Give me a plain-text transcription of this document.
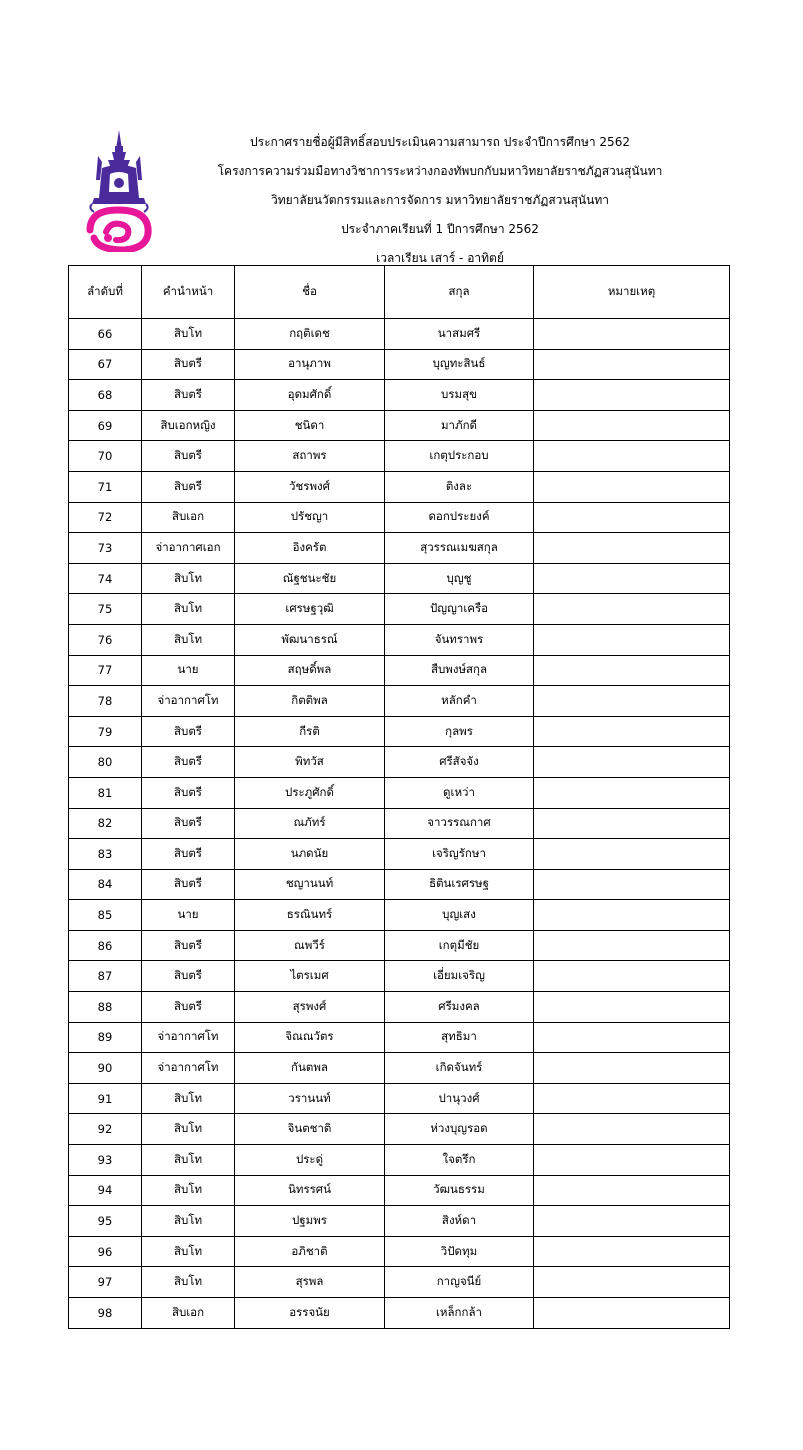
ประกาศรายชื่อผู้มีสิทธิ์สอบประเมินความสามารถ ประจำปีการศึกษา 2562
โครงการความร่วมมือทางวิชาการระหว่างกองทัพบกกับมหาวิทยาลัยราชภัฏสวนสุนันทา
วิทยาลัยนวัตกรรมและการจัดการ มหาวิทยาลัยราชภัฏสวนสุนันทา
ประจำภาคเรียนที่ 1 ปีการศึกษา 2562
เวลาเรียน เสาร์ - อาทิตย์
ลำดับที่	คำนำหน้า	ชื่อ	สกุล	หมายเหตุ
66	สิบโท	กฤติเดช	นาสมศรี	
67	สิบตรี	อานุภาพ	บุญทะสินธ์	
68	สิบตรี	อุดมศักดิ์	บรมสุข	
69	สิบเอกหญิง	ชนิดา	มาภักดี	
70	สิบตรี	สถาพร	เกตุประกอบ	
71	สิบตรี	วัชรพงศ์	ติงละ	
72	สิบเอก	ปรัชญา	ดอกประยงค์	
73	จ่าอากาศเอก	อิงครัต	สุวรรณเมฆสกุล	
74	สิบโท	ณัฐชนะชัย	บุญชู	
75	สิบโท	เศรษฐวุฒิ	ปัญญาเครือ	
76	สิบโท	พัฒนาธรณ์	จันทราพร	
77	นาย	สฤษดิ์พล	สืบพงษ์สกุล	
78	จ่าอากาศโท	กิตติพล	หลักคำ	
79	สิบตรี	กีรติ	กุลพร	
80	สิบตรี	พิทวัส	ศรีสัจจัง	
81	สิบตรี	ประภูศักดิ์	ดูเหว่า	
82	สิบตรี	ณภัทร์	จาวรรณกาศ	
83	สิบตรี	นภดนัย	เจริญรักษา	
84	สิบตรี	ชญานนท์	ธิตินเรศรษฐ	
85	นาย	ธรณินทร์	บุญเสง	
86	สิบตรี	ณพวีร์	เกตุมีชัย	
87	สิบตรี	ไตรเมศ	เอี่ยมเจริญ	
88	สิบตรี	สุรพงศ์	ศรีมงคล	
89	จ่าอากาศโท	จิณณวัตร	สุทธิมา	
90	จ่าอากาศโท	กันตพล	เกิดจันทร์	
91	สิบโท	วรานนท์	ปานุวงศ์	
92	สิบโท	จินตชาติ	ห่วงบุญรอด	
93	สิบโท	ประดู่	ใจตรึก	
94	สิบโท	นิทรรศน์	วัฒนธรรม	
95	สิบโท	ปฐมพร	สิงห์ดา	
96	สิบโท	อภิชาติ	วิปัดทุม	
97	สิบโท	สุรพล	กาญจนีย์	
98	สิบเอก	อรรจนัย	เหล็กกล้า	
